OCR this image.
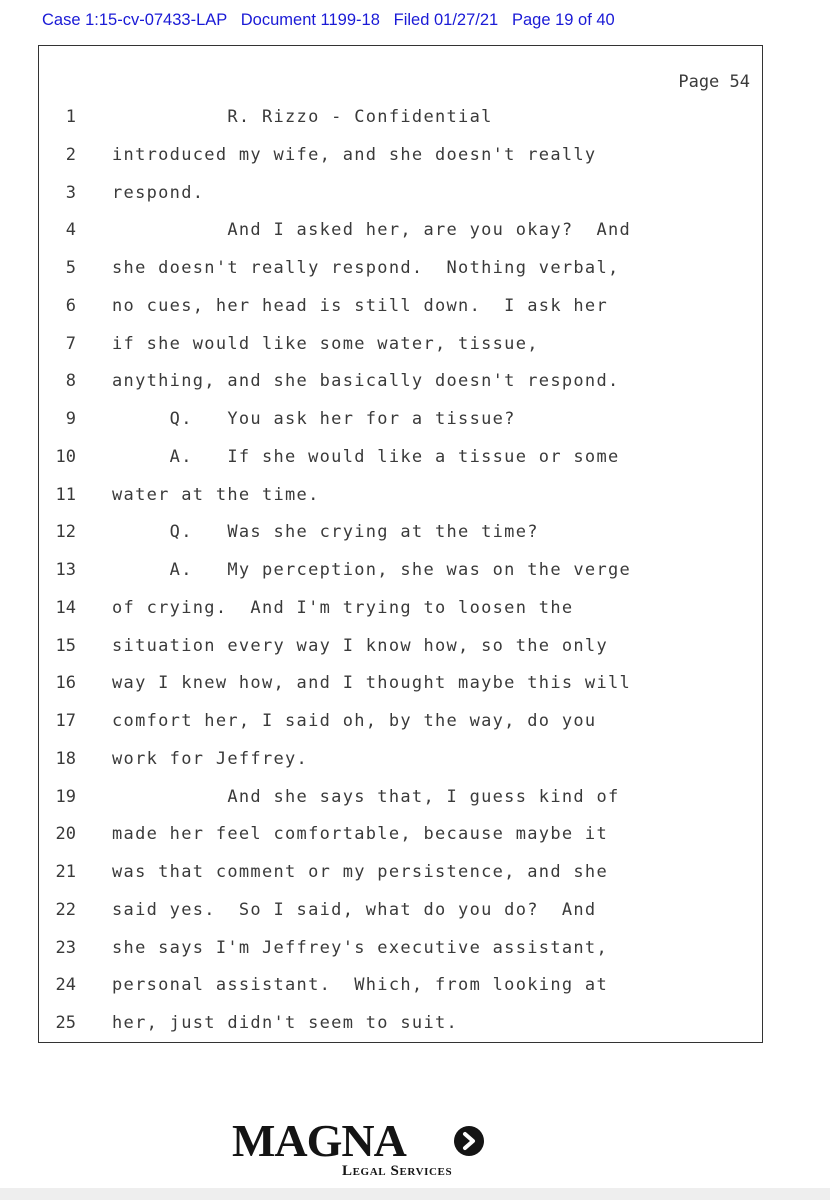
Case 1:15-cv-07433-LAP Document 1199-18 Filed 01/27/21 Page 19 of 40
Page 54
1 R. Rizzo - Confidential
2 introduced my wife, and she doesn't really
3 respond.
4 And I asked her, are you okay?  And
5 she doesn't really respond.  Nothing verbal,
6 no cues, her head is still down.  I ask her
7 if she would like some water, tissue,
8 anything, and she basically doesn't respond.
9 Q.   You ask her for a tissue?
10 A.   If she would like a tissue or some
11 water at the time.
12 Q.   Was she crying at the time?
13 A.   My perception, she was on the verge
14 of crying.  And I'm trying to loosen the
15 situation every way I know how, so the only
16 way I knew how, and I thought maybe this will
17 comfort her, I said oh, by the way, do you
18 work for Jeffrey.
19 And she says that, I guess kind of
20 made her feel comfortable, because maybe it
21 was that comment or my persistence, and she
22 said yes.  So I said, what do you do?  And
23 she says I'm Jeffrey's executive assistant,
24 personal assistant.  Which, from looking at
25 her, just didn't seem to suit.
MAGNA
Legal Services
